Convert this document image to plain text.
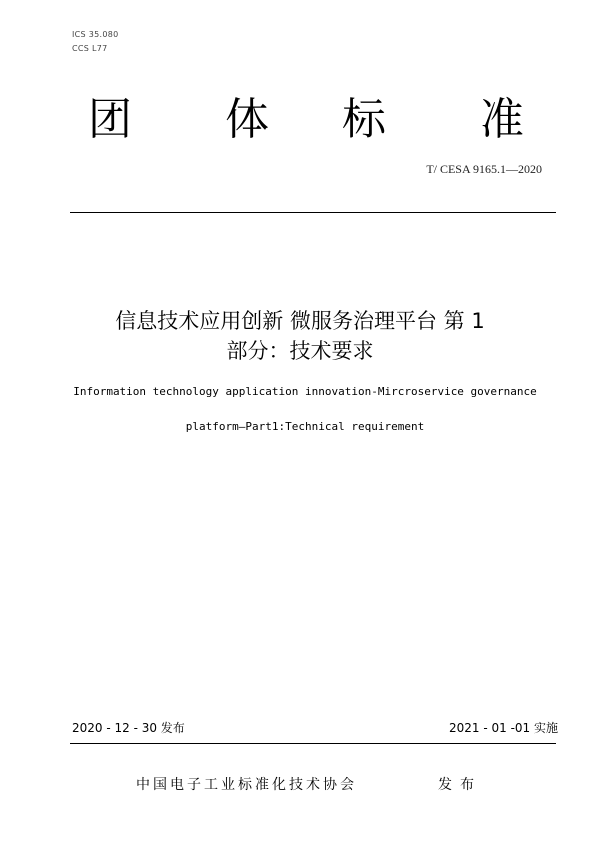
ICS 35.080
CCS L77
团 体 标 准
T/ CESA 9165.1—2020
信息技术应用创新 微服务治理平台 第 1
部分：技术要求
Information technology application innovation-Mircroservice governance
platform—Part1:Technical requirement
2020 - 12 - 30 发布	2021 - 01 -01 实施
中国电子工业标准化技术协会	发布
